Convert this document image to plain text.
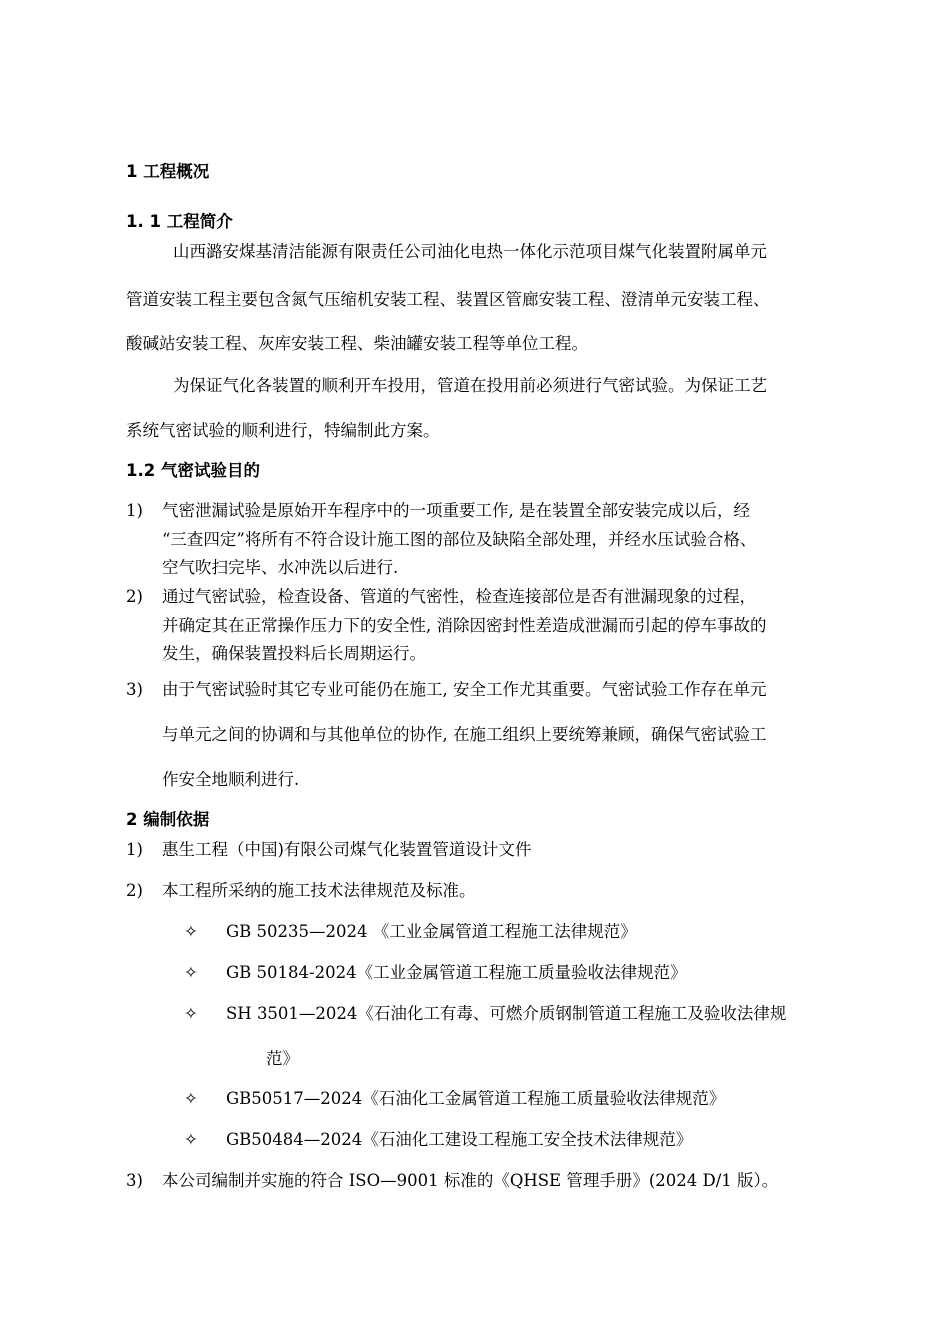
1 工程概况
1. 1 工程简介
山西潞安煤基清洁能源有限责任公司油化电热一体化示范项目煤气化装置附属单元
管道安装工程主要包含氮气压缩机安装工程、装置区管廊安装工程、澄清单元安装工程、
酸碱站安装工程、灰库安装工程、柴油罐安装工程等单位工程。
为保证气化各装置的顺利开车投用，管道在投用前必须进行气密试验。为保证工艺
系统气密试验的顺利进行，特编制此方案。
1.2 气密试验目的
1) 气密泄漏试验是原始开车程序中的一项重要工作, 是在装置全部安装完成以后，经
“三查四定”将所有不符合设计施工图的部位及缺陷全部处理，并经水压试验合格、
空气吹扫完毕、水冲洗以后进行.
2) 通过气密试验，检查设备、管道的气密性，检查连接部位是否有泄漏现象的过程，
并确定其在正常操作压力下的安全性, 消除因密封性差造成泄漏而引起的停车事故的
发生，确保装置投料后长周期运行。
3) 由于气密试验时其它专业可能仍在施工, 安全工作尤其重要。气密试验工作存在单元
与单元之间的协调和与其他单位的协作, 在施工组织上要统筹兼顾，确保气密试验工
作安全地顺利进行.
2 编制依据
1) 惠生工程（中国)有限公司煤气化装置管道设计文件
2) 本工程所采纳的施工技术法律规范及标准。
✧ GB 50235—2024 《工业金属管道工程施工法律规范》
✧ GB 50184-2024《工业金属管道工程施工质量验收法律规范》
✧ SH 3501—2024《石油化工有毒、可燃介质钢制管道工程施工及验收法律规
范》
✧ GB50517—2024《石油化工金属管道工程施工质量验收法律规范》
✧ GB50484—2024《石油化工建设工程施工安全技术法律规范》
3) 本公司编制并实施的符合 ISO—9001 标准的《QHSE 管理手册》(2024 D/1 版）。
